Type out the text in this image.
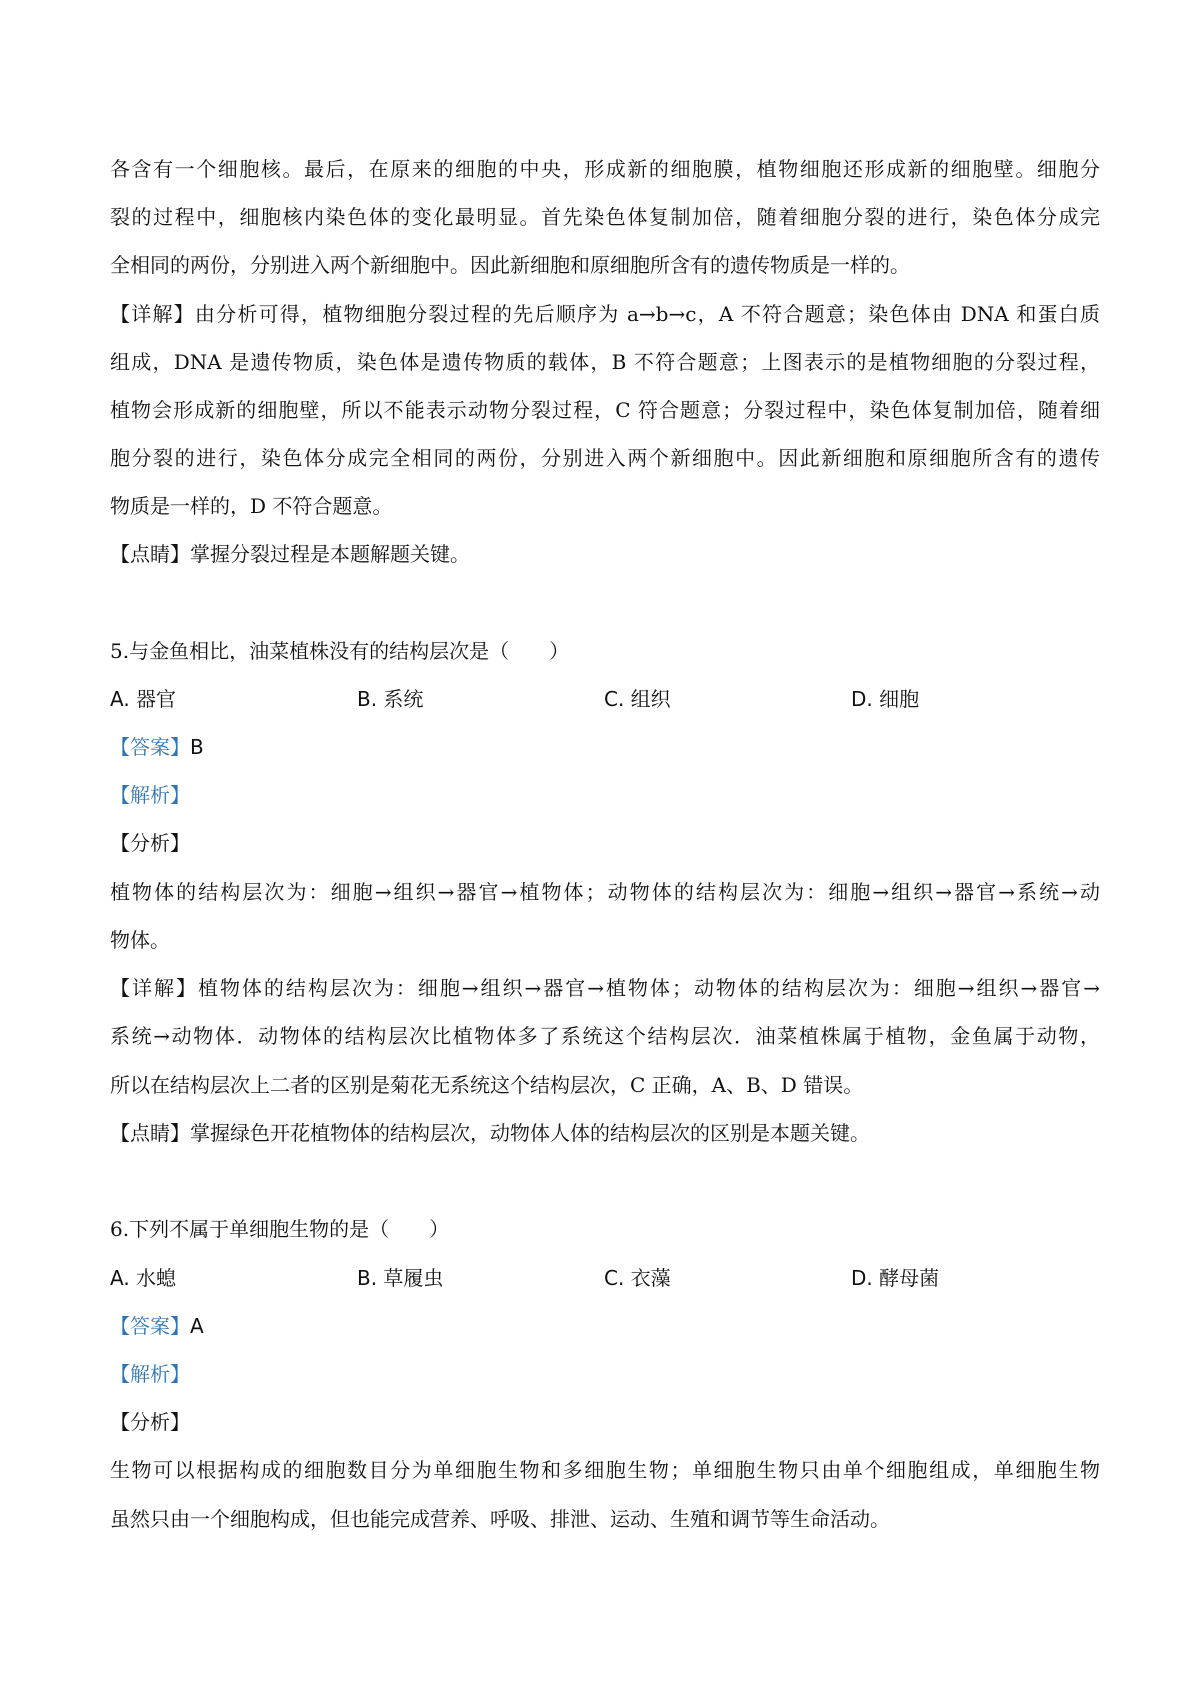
各含有一个细胞核。最后，在原来的细胞的中央，形成新的细胞膜，植物细胞还形成新的细胞壁。细胞分
裂的过程中，细胞核内染色体的变化最明显。首先染色体复制加倍，随着细胞分裂的进行，染色体分成完
全相同的两份，分别进入两个新细胞中。因此新细胞和原细胞所含有的遗传物质是一样的。
【详解】由分析可得，植物细胞分裂过程的先后顺序为 a→b→c，A 不符合题意；染色体由 DNA 和蛋白质
组成，DNA 是遗传物质，染色体是遗传物质的载体，B 不符合题意；上图表示的是植物细胞的分裂过程，
植物会形成新的细胞壁，所以不能表示动物分裂过程，C 符合题意；分裂过程中，染色体复制加倍，随着细
胞分裂的进行，染色体分成完全相同的两份，分别进入两个新细胞中。因此新细胞和原细胞所含有的遗传
物质是一样的，D 不符合题意。
【点睛】掌握分裂过程是本题解题关键。
5.与金鱼相比，油菜植株没有的结构层次是（　　）
A. 器官	B. 系统	C. 组织	D. 细胞
【答案】B
【解析】
【分析】
植物体的结构层次为：细胞→组织→器官→植物体；动物体的结构层次为：细胞→组织→器官→系统→动
物体。
【详解】植物体的结构层次为：细胞→组织→器官→植物体；动物体的结构层次为：细胞→组织→器官→
系统→动物体．动物体的结构层次比植物体多了系统这个结构层次．油菜植株属于植物，金鱼属于动物，
所以在结构层次上二者的区别是菊花无系统这个结构层次，C 正确，A、B、D 错误。
【点睛】掌握绿色开花植物体的结构层次，动物体人体的结构层次的区别是本题关键。
6.下列不属于单细胞生物的是（　　）
A. 水螅	B. 草履虫	C. 衣藻	D. 酵母菌
【答案】A
【解析】
【分析】
生物可以根据构成的细胞数目分为单细胞生物和多细胞生物；单细胞生物只由单个细胞组成，单细胞生物
虽然只由一个细胞构成，但也能完成营养、呼吸、排泄、运动、生殖和调节等生命活动。
